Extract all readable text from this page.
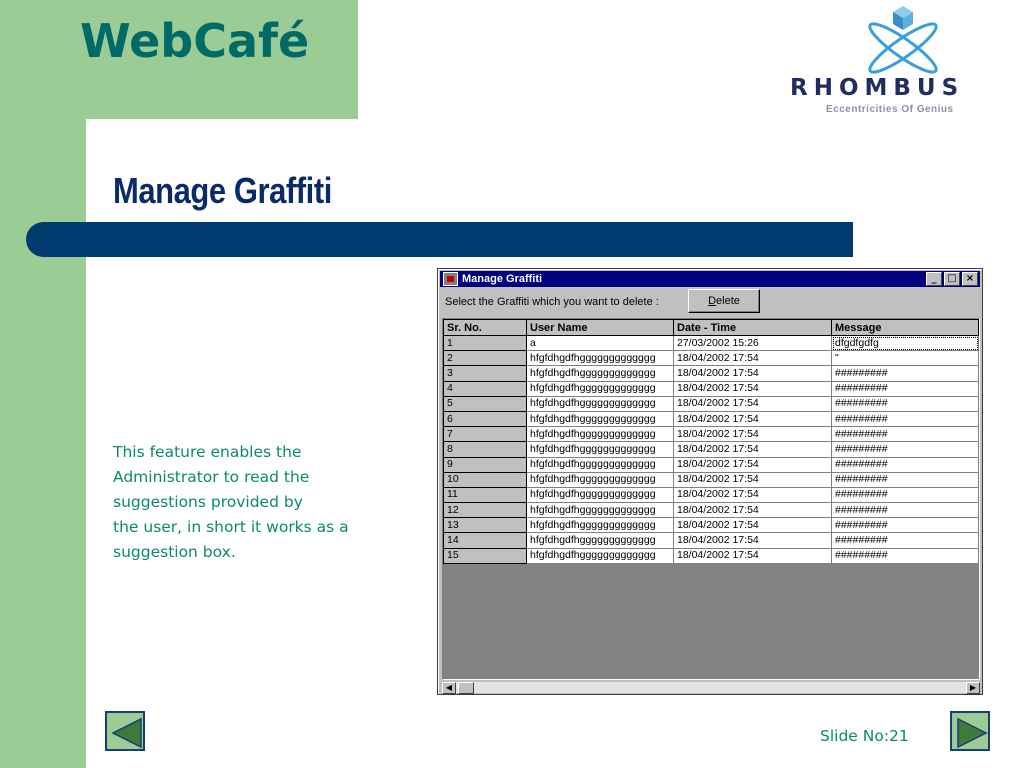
WebCafé
RHOMBUS
Eccentricities Of Genius
Manage Graffiti
This feature enables the
Administrator to read the
suggestions provided by
the user, in short it works as a
suggestion box.
Manage Graffiti	_	□ ×
Select the Graffiti which you want to delete :	Delete
Sr. No.	User Name	Date - Time	Message
1	a	27/03/2002 15:26	dfgdfgdfg
2	hfgfdhgdfhggggggggggggg	18/04/2002 17:54	"
3	hfgfdhgdfhggggggggggggg	18/04/2002 17:54	#########
4	hfgfdhgdfhggggggggggggg	18/04/2002 17:54	#########
5	hfgfdhgdfhggggggggggggg	18/04/2002 17:54	#########
6	hfgfdhgdfhggggggggggggg	18/04/2002 17:54	#########
7	hfgfdhgdfhggggggggggggg	18/04/2002 17:54	#########
8	hfgfdhgdfhggggggggggggg	18/04/2002 17:54	#########
9	hfgfdhgdfhggggggggggggg	18/04/2002 17:54	#########
10	hfgfdhgdfhggggggggggggg	18/04/2002 17:54	#########
11	hfgfdhgdfhggggggggggggg	18/04/2002 17:54	#########
12	hfgfdhgdfhggggggggggggg	18/04/2002 17:54	#########
13	hfgfdhgdfhggggggggggggg	18/04/2002 17:54	#########
14	hfgfdhgdfhggggggggggggg	18/04/2002 17:54	#########
15	hfgfdhgdfhggggggggggggg	18/04/2002 17:54	#########
◀	▶
Slide No:21
